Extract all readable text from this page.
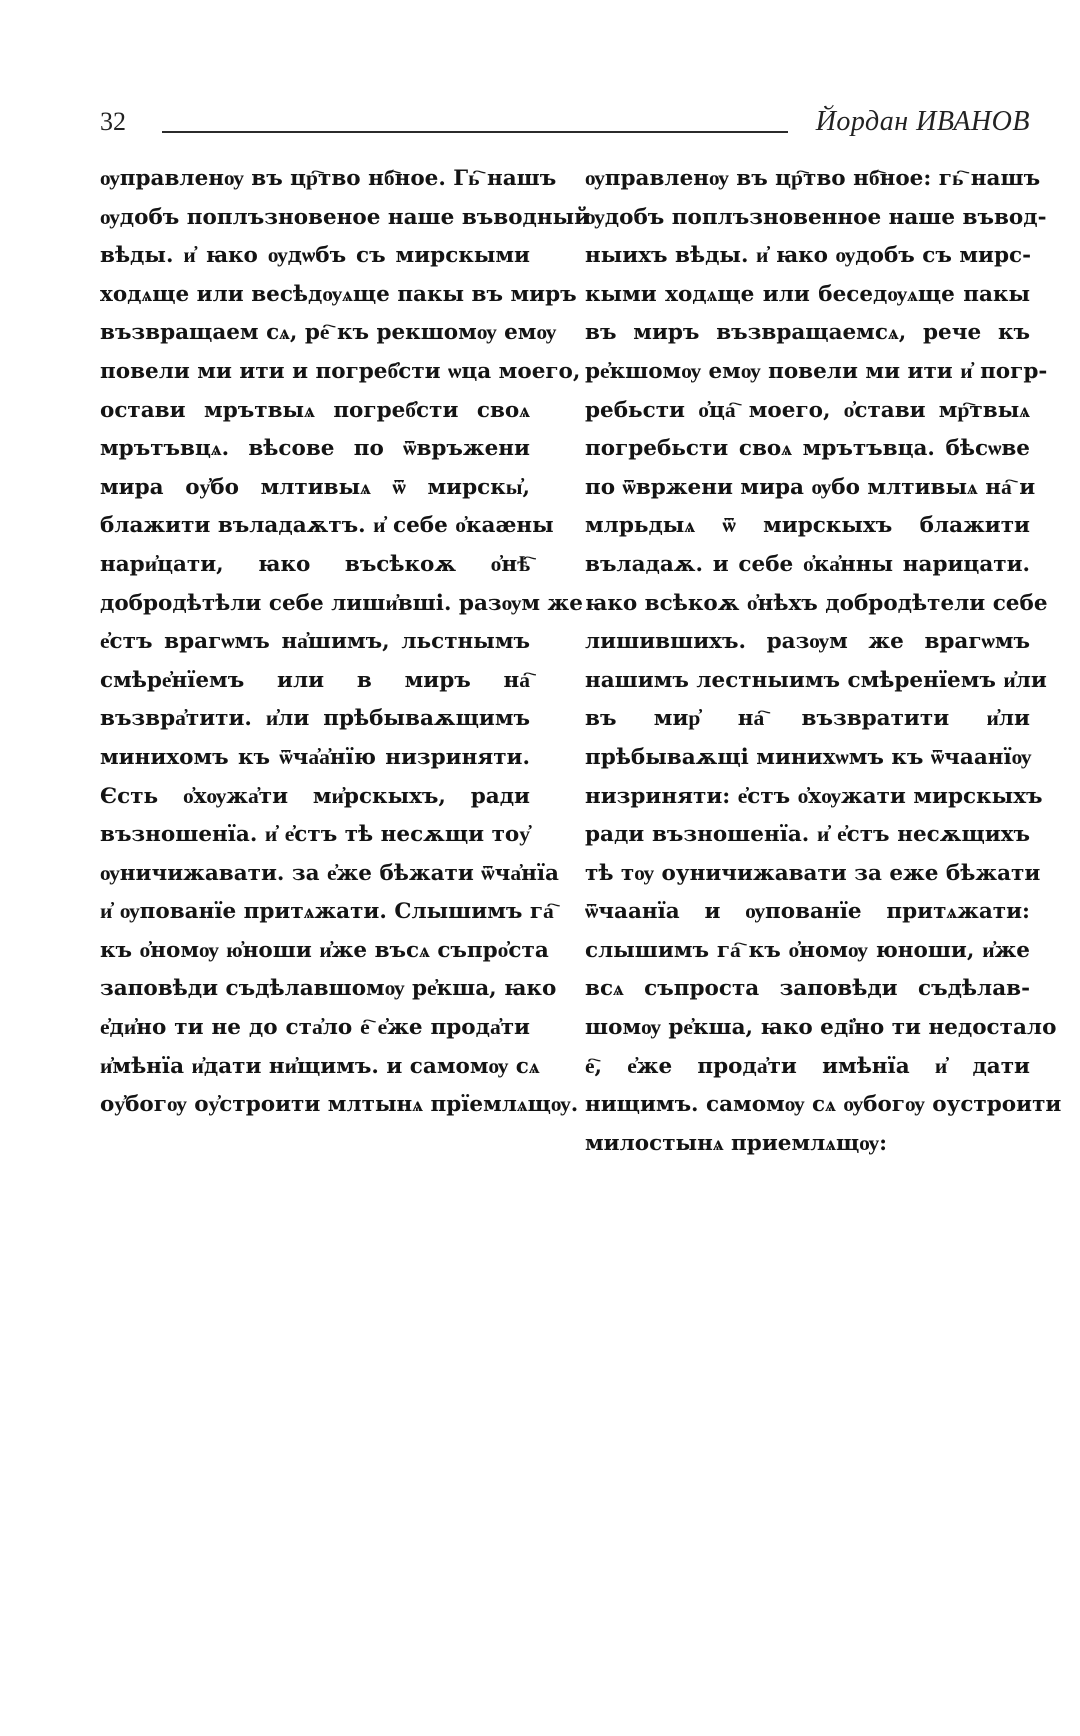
32	Йордан ИВАНОВ
ѹправленѹ въ цр҇тво нб҇ное. Гь҇ нашъ
ѹдобъ поплъзновеное наше въводный
вѣды. и҆ ꙗко ѹдѡбъ съ мирскыми
ходѧще или весѣдѹѧще пакы въ миръ
възвращаем сѧ, ре҇ къ рекшомѹ емѹ
повели ми ити и погреб҆сти ѡца моего,
остави мрътвыѧ погреб҆сти своѧ
мрътъвцѧ. вѣсове по ѿвръжени
мира оу҆бо млтивыѧ ѿ мирскы҆,
блажити въладаѫтъ. и҆ себе о҆каӕны
нари҆цати, ꙗко въсѣкоѫ о҆нѣ҇
добродѣтѣли себе лиши҆вші. разѹм же
е҆стъ врагѡмъ на҆шимъ, льстнымъ
смѣре҆нїемъ или в миръ на҇
възвра҆тити. и҆ли прѣбываѫщимъ
минихомъ къ ѿча҆а҆нїю низриняти.
Єсть о҆хѹжа҆ти ми҆рскыхъ, ради
възношенїа. и҆ е҆стъ тѣ несѫщи тоу҆
ѹничижавати. за е҆же бѣжати ѿча҆нїа
и҆ ѹпованїе притѧжати. Слышимъ га҇
къ о҆номѹ ю҆ноши и҆же въсѧ съпро҆ста
заповѣди съдѣлавшомѹ ре҆кша, ꙗко
е҆ди҆но ти не до ста҆ло е҇ е҆же прода҆ти
и҆мѣнїа и҆дати ни҆щимъ. и самомѹ сѧ
оу҆богѹ оу҆строити млтынѧ прїемлѧщѹ.
ѹправленѹ въ цр҇тво нб҇ное: гь҇ нашъ
ѹдобъ поплъзновенное наше въвод-
ныихъ вѣды. и҆ ꙗко ѹдобъ съ мирс-
кыми ходѧще или беседѹѧще пакы
въ миръ възвращаемсѧ, рече къ
ре҆кшомѹ емѹ повели ми ити и҆ погр-
ребьсти о҆ца҇ моего, о҆стави мр҇твыѧ
погребьсти своѧ мрътъвца. бѣсѡве
по ѿвржени мира ѹбо млтивыѧ на҇ и
млрьдыѧ ѿ мирскыхъ блажити
въладаѫ. и себе о҆ка҆нны нарицати.
ꙗко всѣкоѫ о҆нѣхъ добродѣтели себе
лишившихъ. разѹм же врагѡмъ
нашимъ лестныимъ смѣренїемъ и҆ли
въ мир҆ на҇ възвратити и҆ли
прѣбываѫщі минихѡмъ къ ѿчаанїѹ
низриняти: е҆стъ о҆хѹжати мирскыхъ
ради възношенїа. и҆ е҆стъ несѫщихъ
тѣ тѹ оуничижавати за еже бѣжати
ѿчаанїа и ѹпованїе притѧжати:
слышимъ га҇ къ о҆номѹ юноши, и҆же
всѧ съпроста заповѣди съдѣлав-
шомѹ ре҆кша, ꙗко еді҆но ти недостало
е҇, е҆же прода҆ти имѣнїа и҆ дати
нищимъ. самомѹ сѧ ѹбогѹ оустроити
милостынѧ приемлѧщѹ:
